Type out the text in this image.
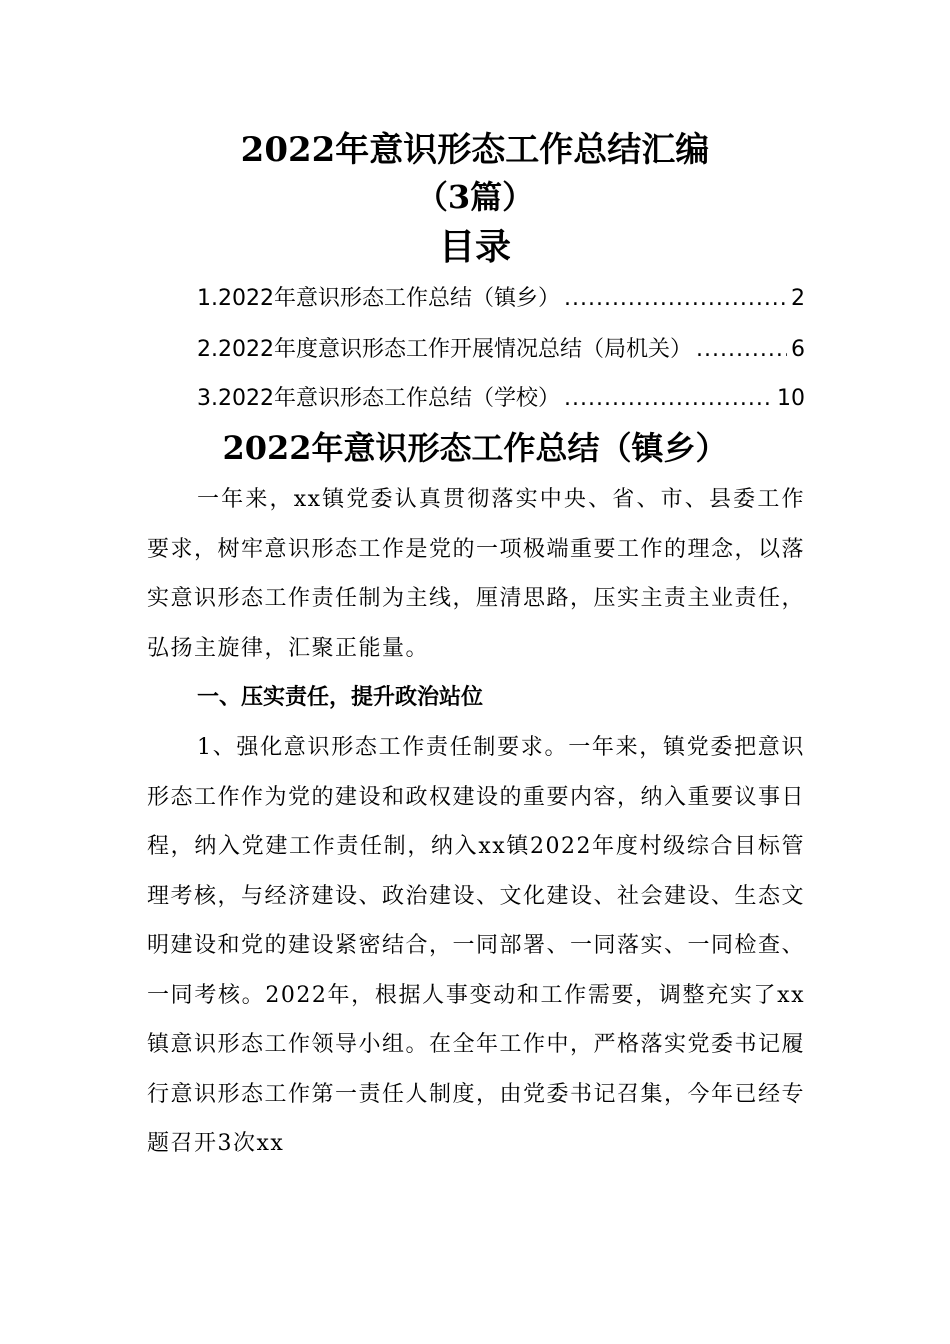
2022年意识形态工作总结汇编
（3篇）
目录
1.2022年意识形态工作总结（镇乡） .....	2
2.2022年度意识形态工作开展情况总结（局机关） .....	6
3.2022年意识形态工作总结（学校） .....	10
2022年意识形态工作总结（镇乡）

一年来，xx镇党委认真贯彻落实中央、省、市、县委工作要求，树牢意识形态工作是党的一项极端重要工作的理念，以落实意识形态工作责任制为主线，厘清思路，压实主责主业责任，弘扬主旋律，汇聚正能量。

一、压实责任，提升政治站位

1、强化意识形态工作责任制要求。一年来，镇党委把意识形态工作作为党的建设和政权建设的重要内容，纳入重要议事日程，纳入党建工作责任制，纳入xx镇2022年度村级综合目标管理考核，与经济建设、政治建设、文化建设、社会建设、生态文明建设和党的建设紧密结合，一同部署、一同落实、一同检查、一同考核。2022年，根据人事变动和工作需要，调整充实了xx镇意识形态工作领导小组。在全年工作中，严格落实党委书记履行意识形态工作第一责任人制度，由党委书记召集，今年已经专题召开3次xx
